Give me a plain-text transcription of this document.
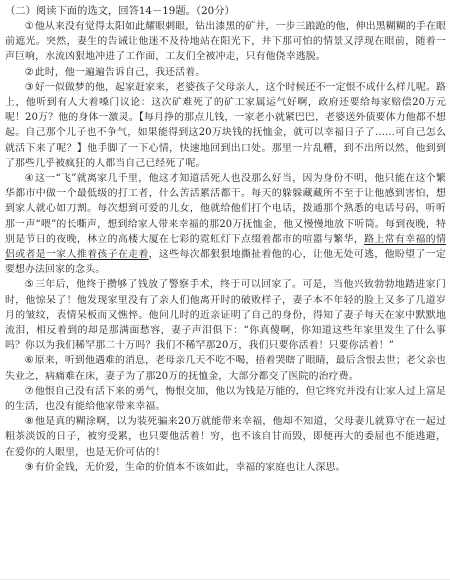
（二）阅读下面的选文，回答14－19题。（20分）

①他从来没有觉得太阳如此耀眼刺眼，钻出漆黑的矿井，一步三踉跄的他，伸出黑糊糊的手在眼前遮光。突然，妻生的告诫让他迷不及待地站在阳光下，井下那可怕的情景又浮现在眼前，随着一声巨响，水流凶狠地冲进了工作面，工友们全被冲走，只有他侥幸逃脱。

②此时，他一遍遍告诉自己，我还活着。

③好一似做梦的他，起家赶家来，老婆孩子父母亲人，这个时候还不一定恨不成什么样儿呢。路上，他听到有人大着嗓门议论：这次矿难死了的矿工家属运气好啊，政府还要给每家赔偿20万元呢！20万？他的身体一激灵。【每月挣的那点儿钱，一家老小就紧巴巴，老婆送外债要体力他都不想起。自己那个儿子也不争气，如果能得到这20万块钱的抚恤金，就可以幸福日子了……可自己怎么就活下来了呢？】他手脚了一下心情，快速地回到出口处。那里一片乱糟，到不出所以然，他到到了那些几乎被疯狂的人都当自己已经死了呢。

④这一“飞”就离家几千里，他这才知道活死人也没那么好当，因为身份不明，他只能在这个繁华都市中做一个最低级的打工者，什么苦活累活都干。每天的躲躲藏藏所不至于让他感到害怕，想到家人就心如刀割。每次想到可爱的儿女，他就给他们打个电话，拨通那个熟悉的电话号码，听听那一声“喂”的长嘶声，想到给家人带来幸福的那20万抚恤金，他又慢慢地放下听筒。每到夜晚，特别是节日的夜晚，林立的高楼大厦在七彩的霓虹灯下点缀着都市的喧嚣与繁华，路上常有幸福的情侣或者是一家人推着孩子在走着，这些每次都狠狠地撕扯着他的心，让他无处可逃，他盼望了一定要想办法回家的念头。

⑤三年后，他终于攒够了钱放了警察手术，终于可以回家了。可是，当他兴致勃勃地踏进家门时，他惊呆了！他发现家里没有了亲人们他离开时的破败样子，妻子本不年轻的脸上又多了几道岁月的皱纹，表情呆板而又憔悴。他问儿时的近亲证明了自己的身份，得知了妻子每天在家中默默地流泪，相反着到的却是那满面愁容，妻子声泪俱下：“你真傻啊，你知道这些年家里发生了什么事吗？你以为我们稀罕那二十万吗？我们不稀罕那20万，我们只要你活着！只要你活着！”

⑥原来，听到他遇难的消息，老母亲几天不吃不喝，捂着哭瞎了眼睛，最后含恨去世；老父亲也失业之，病痛难在床，妻子为了那20万的抚恤金，大部分都交了医院的治疗费。

⑦他恨自己没有活下来的勇气，悔恨交加，他以为钱是万能的，但它终究并没有让家人过上富足的生活，也没有能给他家带来幸福。

⑧他是真的糊涂啊，以为装死骗来20万就能带来幸福，他却不知道，父母妻儿就算守在一起过粗茶淡饭的日子，被穷受累，也只要他活着！穷，也不该自甘而毁，即便再大的委屈也不能逃避，在爱你的人眼里，也是无价可估的！

⑨有价金钱，无价爱，生命的价值本不该如此，幸福的家庭也让人深思。
